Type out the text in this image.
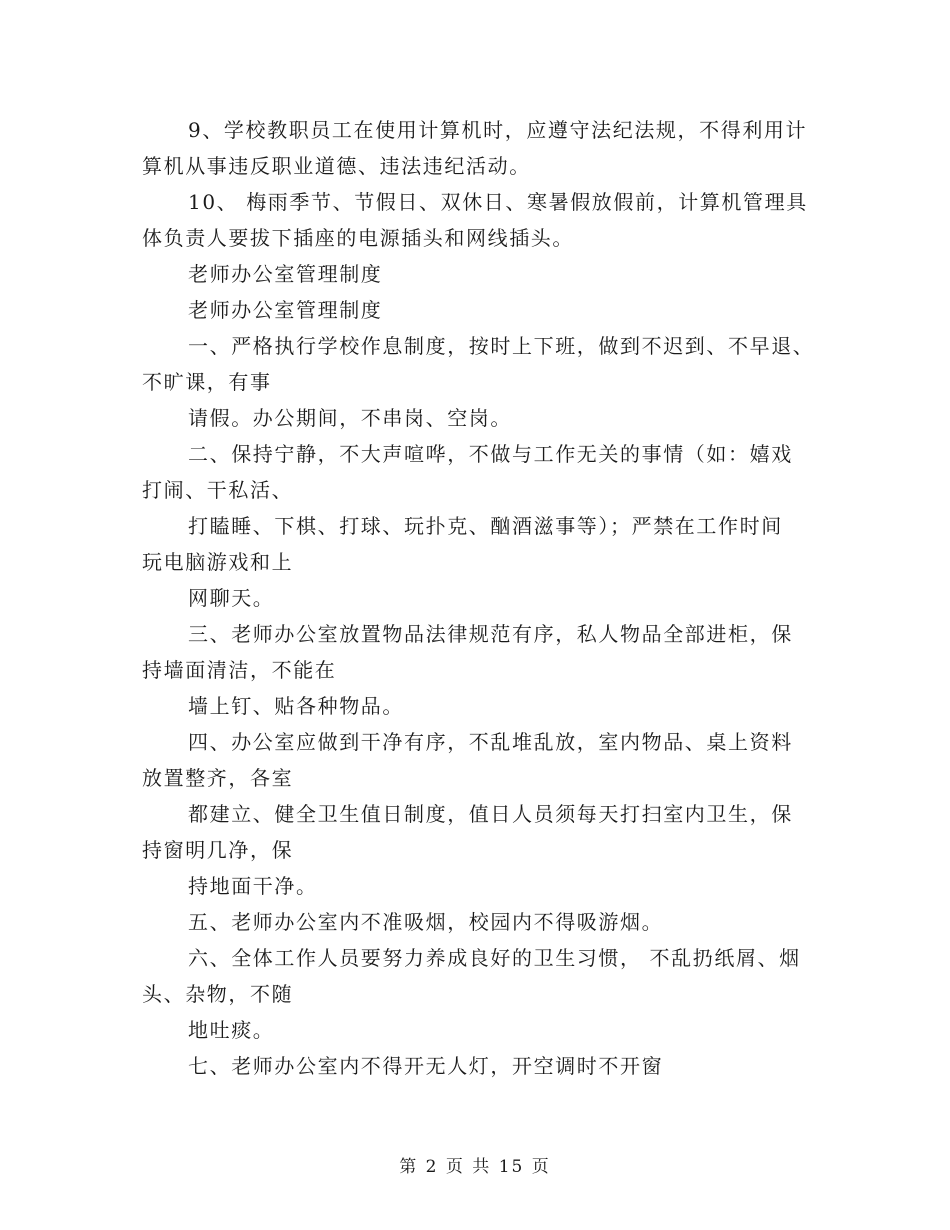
9、学校教职员工在使用计算机时，应遵守法纪法规，不得利用计
算机从事违反职业道德、违法违纪活动。

10、 梅雨季节、节假日、双休日、寒暑假放假前，计算机管理具
体负责人要拔下插座的电源插头和网线插头。

老师办公室管理制度

老师办公室管理制度

一、严格执行学校作息制度，按时上下班，做到不迟到、不早退、
不旷课，有事

请假。办公期间，不串岗、空岗。

二、保持宁静，不大声喧哗，不做与工作无关的事情（如：嬉戏
打闹、干私活、

打瞌睡、下棋、打球、玩扑克、酗酒滋事等）；严禁在工作时间
玩电脑游戏和上

网聊天。

三、老师办公室放置物品法律规范有序，私人物品全部进柜，保
持墙面清洁，不能在

墙上钉、贴各种物品。

四、办公室应做到干净有序，不乱堆乱放，室内物品、桌上资料
放置整齐，各室

都建立、健全卫生值日制度，值日人员须每天打扫室内卫生，保
持窗明几净，保

持地面干净。

五、老师办公室内不准吸烟，校园内不得吸游烟。

六、全体工作人员要努力养成良好的卫生习惯， 不乱扔纸屑、烟
头、杂物，不随

地吐痰。

七、老师办公室内不得开无人灯，开空调时不开窗

第 2 页 共 15 页
